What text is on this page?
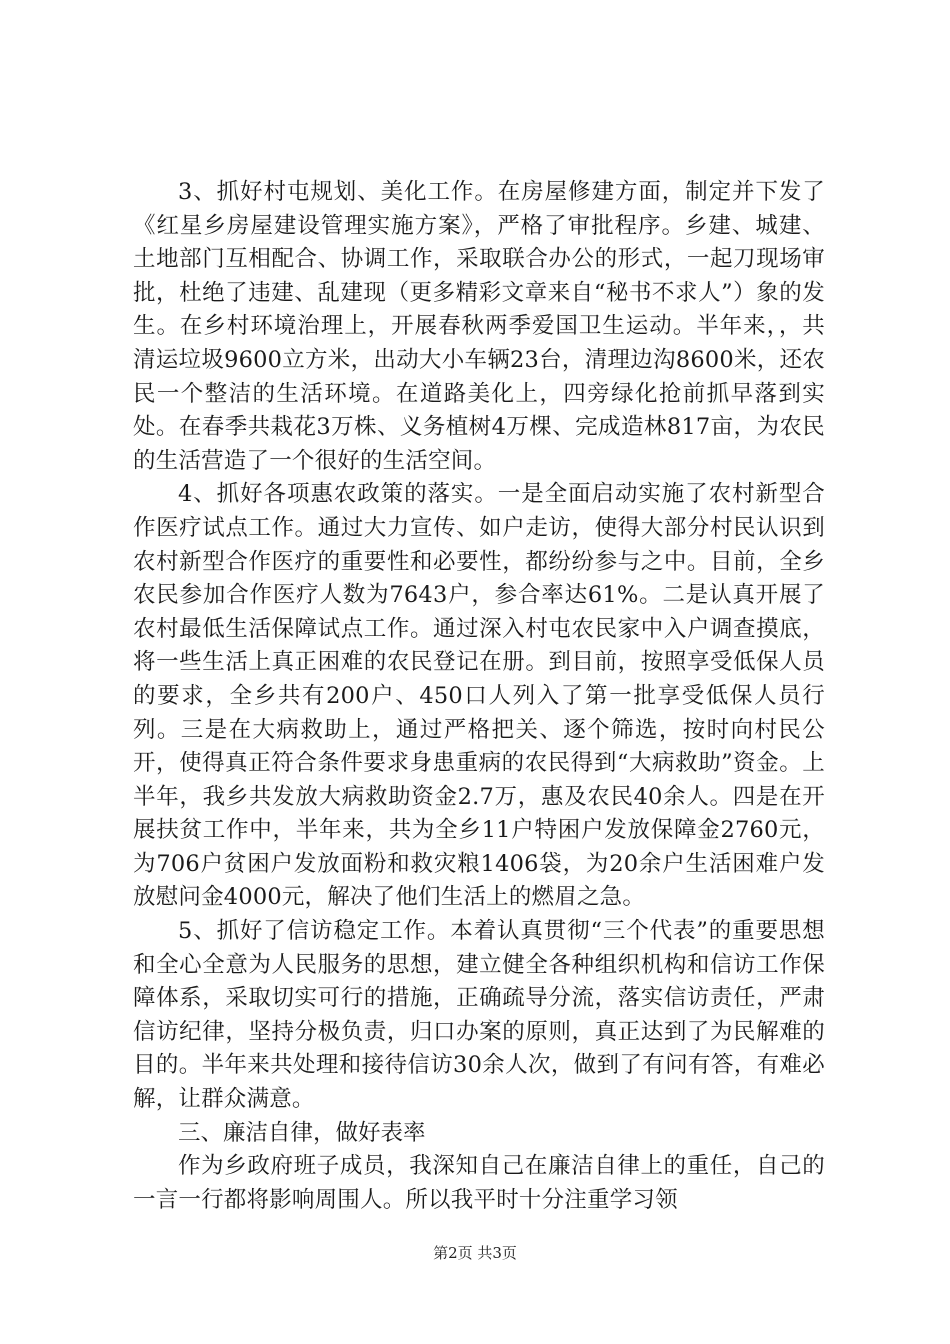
3、抓好村屯规划、美化工作。在房屋修建方面，制定并下发了《红星乡房屋建设管理实施方案》，严格了审批程序。乡建、城建、土地部门互相配合、协调工作，采取联合办公的形式，一起刀现场审批，杜绝了违建、乱建现（更多精彩文章来自“秘书不求人”）象的发生。在乡村环境治理上，开展春秋两季爱国卫生运动。半年来，，共清运垃圾9600立方米，出动大小车辆23台，清理边沟8600米，还农民一个整洁的生活环境。在道路美化上，四旁绿化抢前抓早落到实处。在春季共栽花3万株、义务植树4万棵、完成造林817亩，为农民的生活营造了一个很好的生活空间。

4、抓好各项惠农政策的落实。一是全面启动实施了农村新型合作医疗试点工作。通过大力宣传、如户走访，使得大部分村民认识到农村新型合作医疗的重要性和必要性，都纷纷参与之中。目前，全乡农民参加合作医疗人数为7643户，参合率达61%。二是认真开展了农村最低生活保障试点工作。通过深入村屯农民家中入户调查摸底，将一些生活上真正困难的农民登记在册。到目前，按照享受低保人员的要求，全乡共有200户、450口人列入了第一批享受低保人员行列。三是在大病救助上，通过严格把关、逐个筛选，按时向村民公开，使得真正符合条件要求身患重病的农民得到“大病救助”资金。上半年，我乡共发放大病救助资金2.7万，惠及农民40余人。四是在开展扶贫工作中，半年来，共为全乡11户特困户发放保障金2760元，为706户贫困户发放面粉和救灾粮1406袋，为20余户生活困难户发放慰问金4000元，解决了他们生活上的燃眉之急。

5、抓好了信访稳定工作。本着认真贯彻“三个代表”的重要思想和全心全意为人民服务的思想，建立健全各种组织机构和信访工作保障体系，采取切实可行的措施，正确疏导分流，落实信访责任，严肃信访纪律，坚持分极负责，归口办案的原则，真正达到了为民解难的目的。半年来共处理和接待信访30余人次，做到了有问有答，有难必解，让群众满意。

三、廉洁自律，做好表率

作为乡政府班子成员，我深知自己在廉洁自律上的重任，自己的一言一行都将影响周围人。所以我平时十分注重学习领

第2页 共3页
